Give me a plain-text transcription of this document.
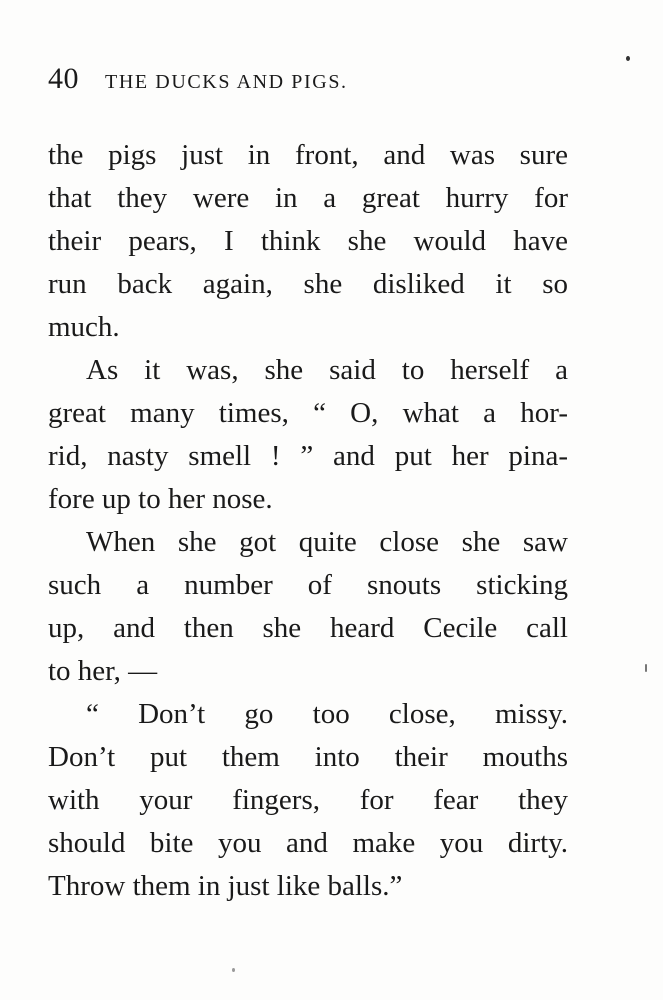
40 THE DUCKS AND PIGS.
the pigs just in front, and was sure
that they were in a great hurry for
their pears, I think she would have
run back again, she disliked it so
much.
As it was, she said to herself a
great many times, “ O, what a hor-
rid, nasty smell ! ” and put her pina-
fore up to her nose.
When she got quite close she saw
such a number of snouts sticking
up, and then she heard Cecile call
to her, —
“ Don’t go too close, missy.
Don’t put them into their mouths
with your fingers, for fear they
should bite you and make you dirty.
Throw them in just like balls.”
